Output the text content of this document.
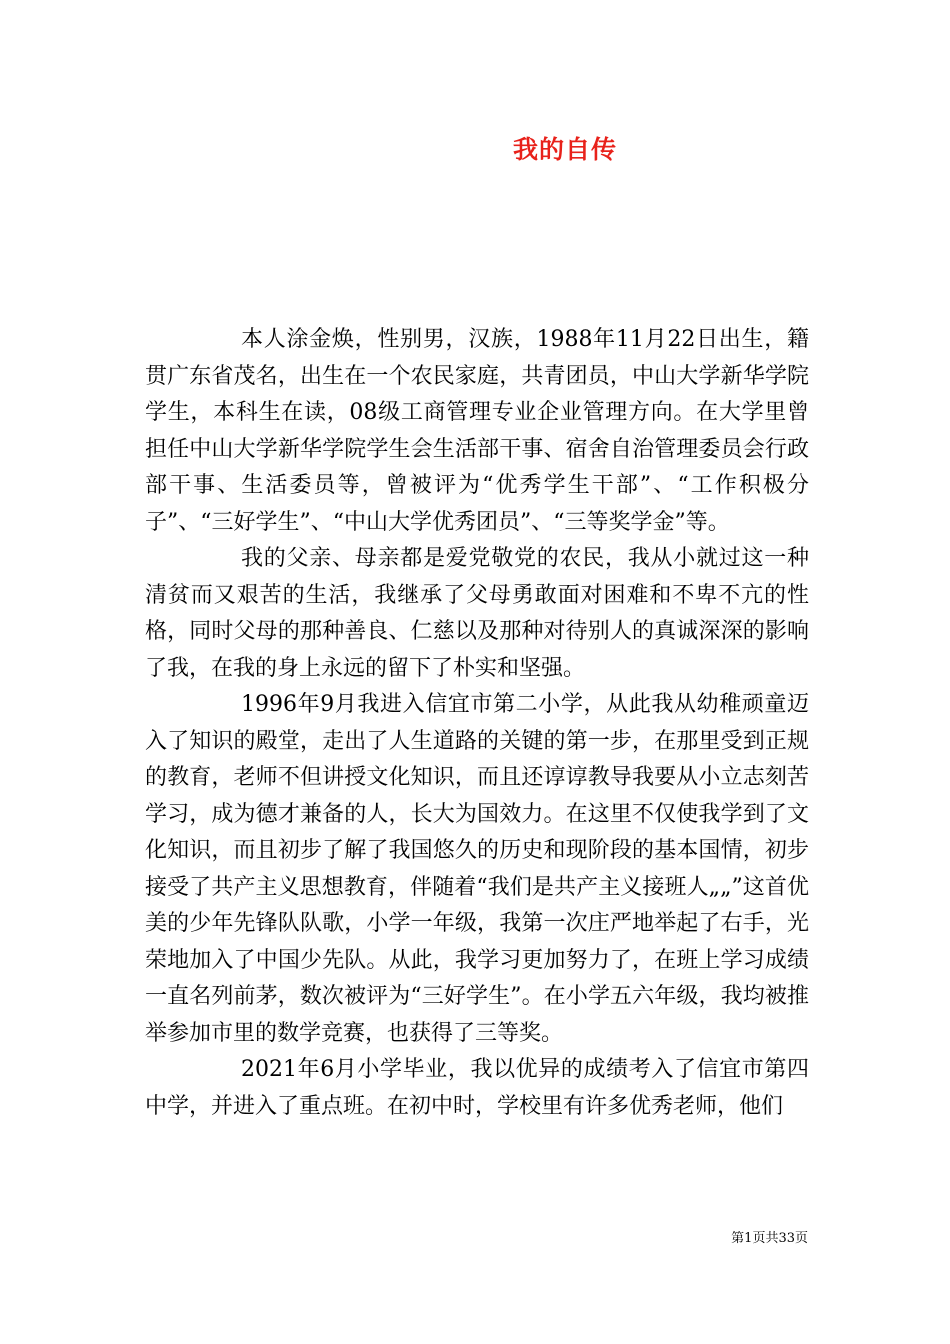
我的自传

本人涂金焕，性别男，汉族，1988年11月22日出生，籍贯广东省茂名，出生在一个农民家庭，共青团员，中山大学新华学院学生，本科生在读，08级工商管理专业企业管理方向。在大学里曾担任中山大学新华学院学生会生活部干事、宿舍自治管理委员会行政部干事、生活委员等，曾被评为“优秀学生干部”、“工作积极分子”、“三好学生”、“中山大学优秀团员”、“三等奖学金”等。

我的父亲、母亲都是爱党敬党的农民，我从小就过这一种清贫而又艰苦的生活，我继承了父母勇敢面对困难和不卑不亢的性格，同时父母的那种善良、仁慈以及那种对待别人的真诚深深的影响了我，在我的身上永远的留下了朴实和坚强。

1996年9月我进入信宜市第二小学，从此我从幼稚顽童迈入了知识的殿堂，走出了人生道路的关键的第一步，在那里受到正规的教育，老师不但讲授文化知识，而且还谆谆教导我要从小立志刻苦学习，成为德才兼备的人，长大为国效力。在这里不仅使我学到了文化知识，而且初步了解了我国悠久的历史和现阶段的基本国情，初步接受了共产主义思想教育，伴随着“我们是共产主义接班人„„”这首优美的少年先锋队队歌，小学一年级，我第一次庄严地举起了右手，光荣地加入了中国少先队。从此，我学习更加努力了，在班上学习成绩一直名列前茅，数次被评为“三好学生”。在小学五六年级，我均被推举参加市里的数学竞赛，也获得了三等奖。

2021年6月小学毕业，我以优异的成绩考入了信宜市第四中学，并进入了重点班。在初中时，学校里有许多优秀老师，他们

第1页共33页
